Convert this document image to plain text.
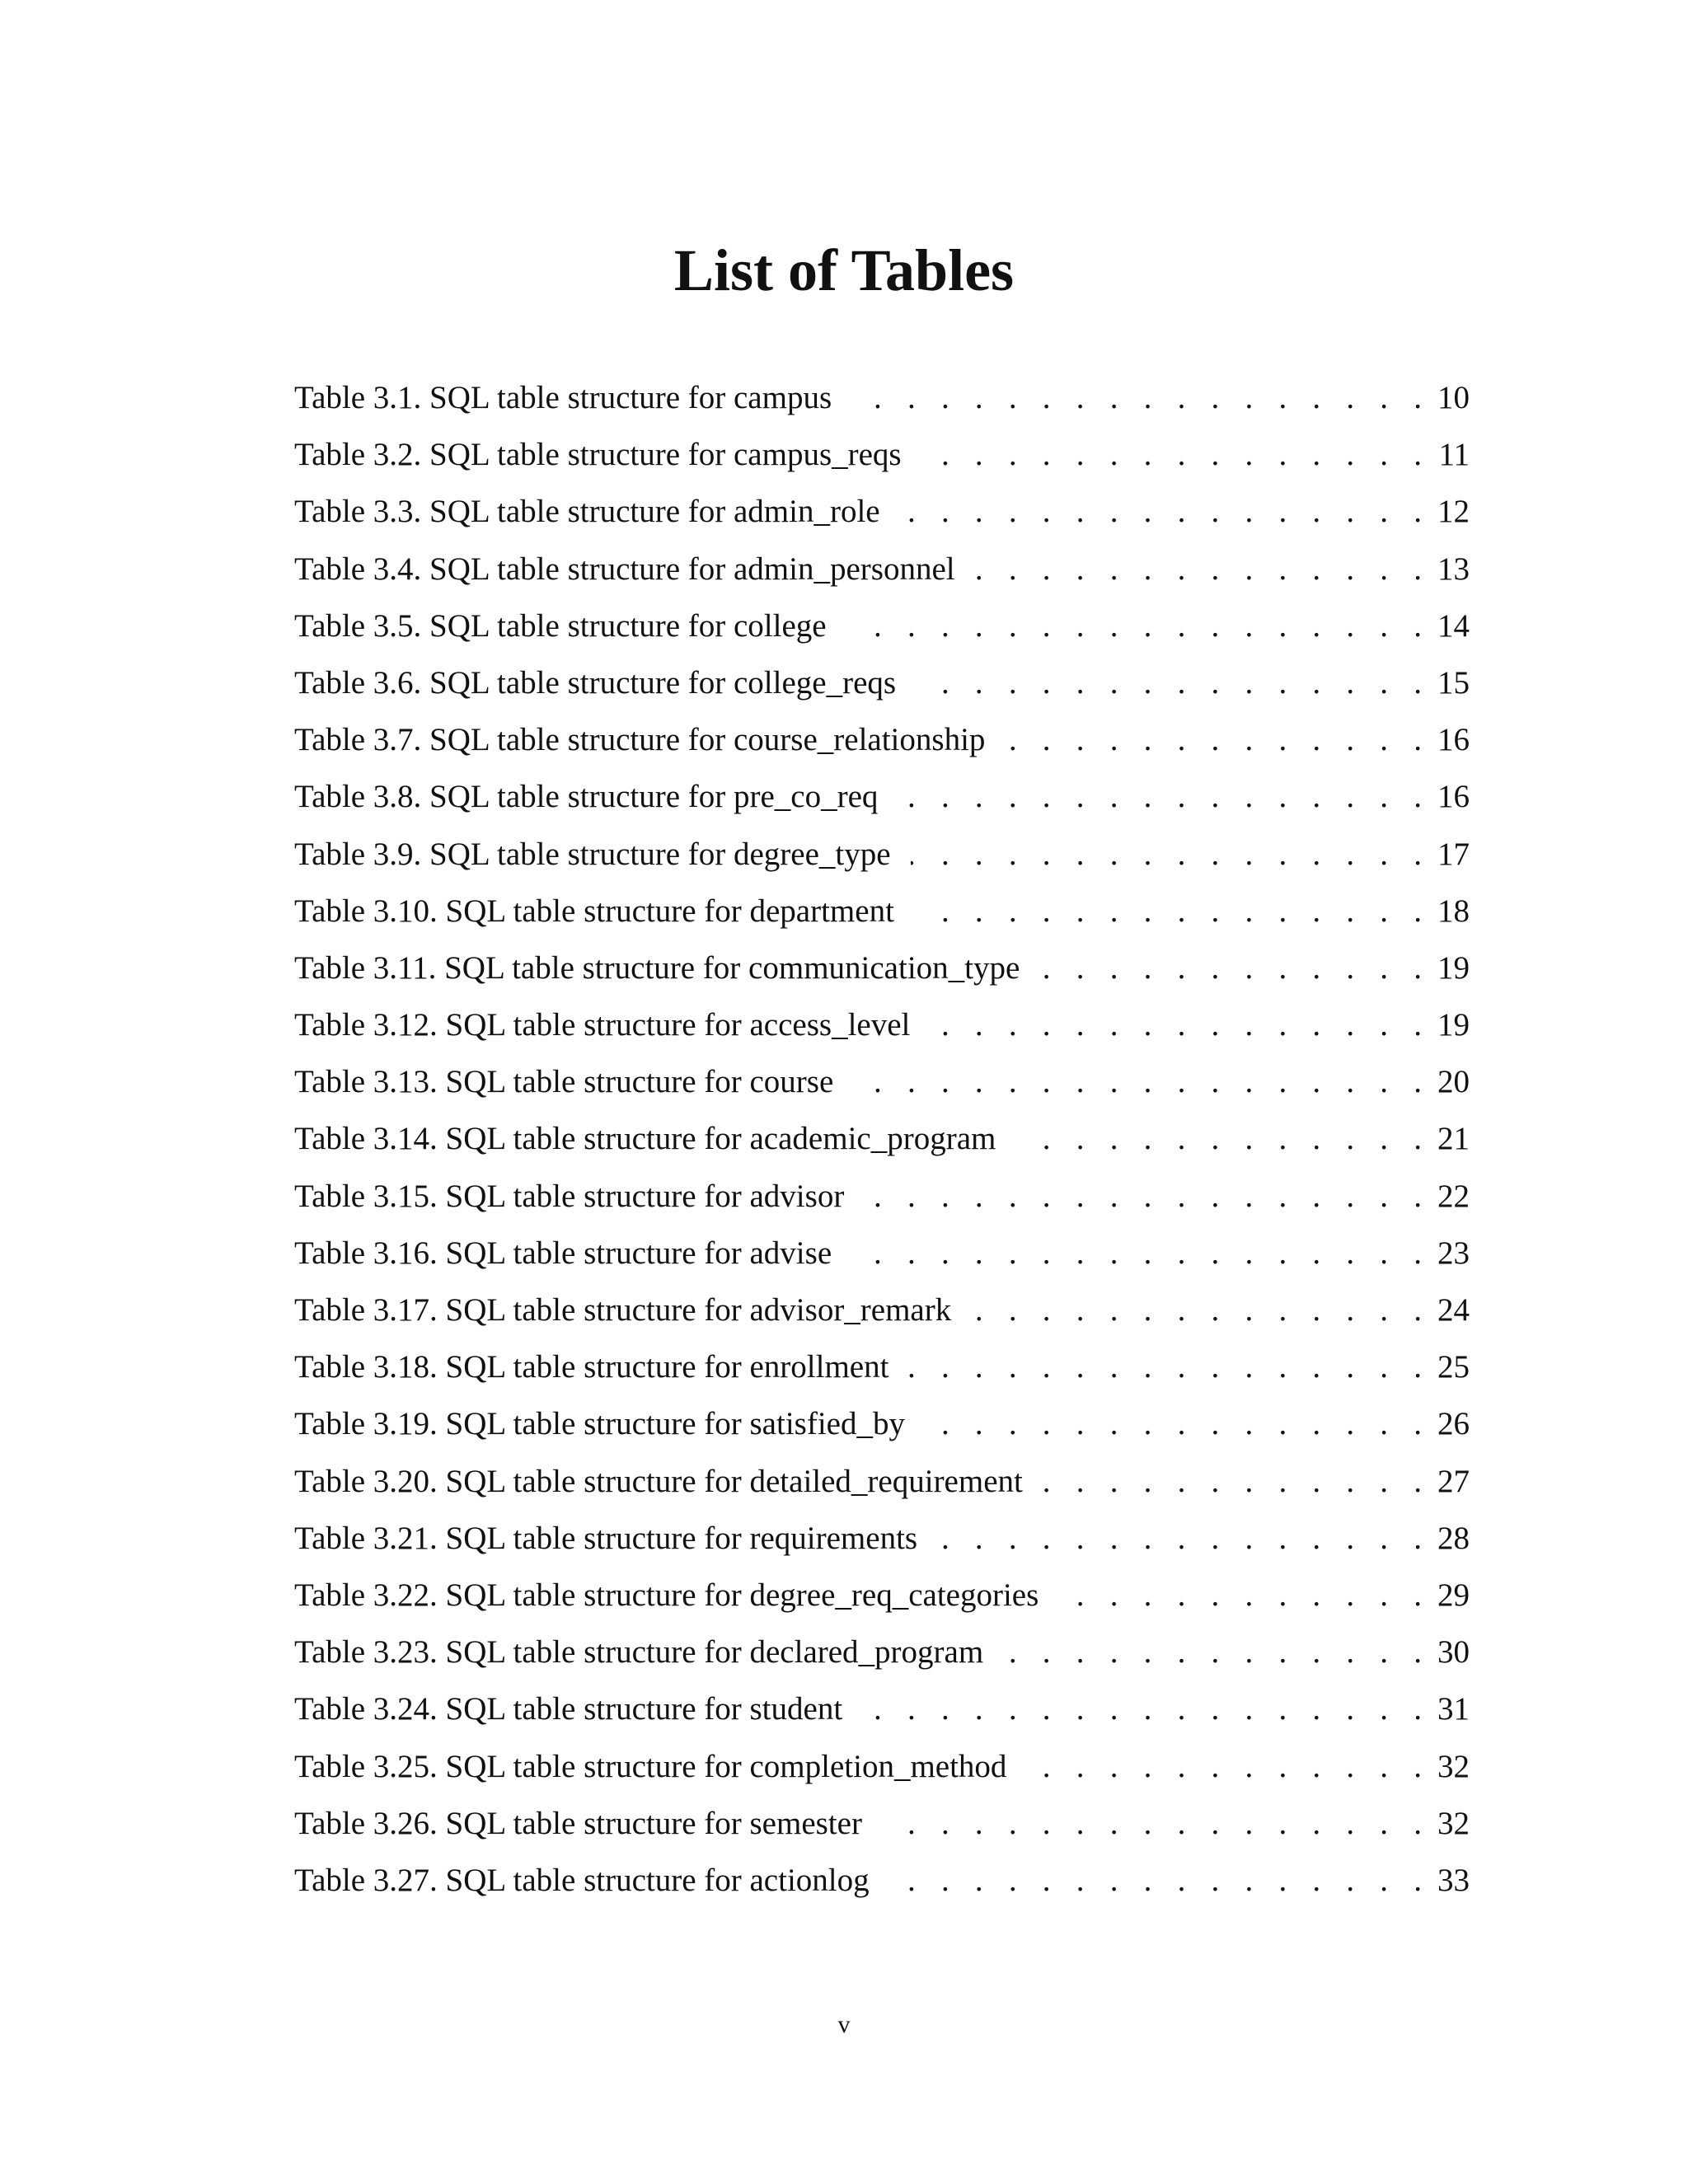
List of Tables
Table 3.1. SQL table structure for campus . . .	10
Table 3.2. SQL table structure for campus_reqs . . .	11
Table 3.3. SQL table structure for admin_role . . .	12
Table 3.4. SQL table structure for admin_personnel . . .	13
Table 3.5. SQL table structure for college . . .	14
Table 3.6. SQL table structure for college_reqs . . .	15
Table 3.7. SQL table structure for course_relationship . . .	16
Table 3.8. SQL table structure for pre_co_req . . .	16
Table 3.9. SQL table structure for degree_type . . .	17
Table 3.10. SQL table structure for department . . .	18
Table 3.11. SQL table structure for communication_type . . .	19
Table 3.12. SQL table structure for access_level . . .	19
Table 3.13. SQL table structure for course . . .	20
Table 3.14. SQL table structure for academic_program . . .	21
Table 3.15. SQL table structure for advisor . . .	22
Table 3.16. SQL table structure for advise . . .	23
Table 3.17. SQL table structure for advisor_remark . . .	24
Table 3.18. SQL table structure for enrollment . . .	25
Table 3.19. SQL table structure for satisfied_by . . .	26
Table 3.20. SQL table structure for detailed_requirement . . .	27
Table 3.21. SQL table structure for requirements . . .	28
Table 3.22. SQL table structure for degree_req_categories . . .	29
Table 3.23. SQL table structure for declared_program . . .	30
Table 3.24. SQL table structure for student . . .	31
Table 3.25. SQL table structure for completion_method . . .	32
Table 3.26. SQL table structure for semester . . .	32
Table 3.27. SQL table structure for actionlog . . .	33
v
